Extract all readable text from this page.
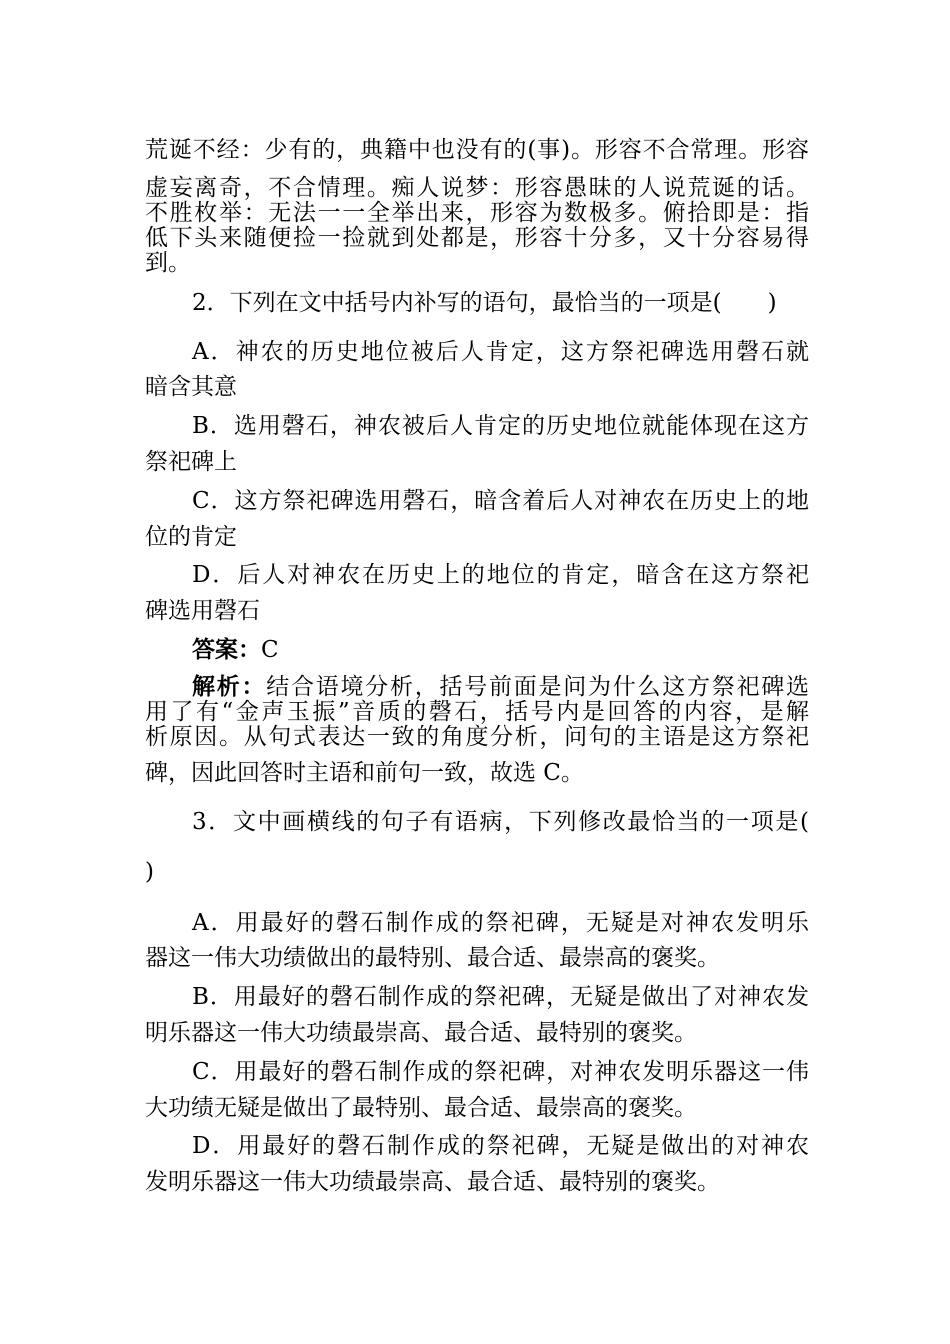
荒诞不经：少有的，典籍中也没有的(事)。形容不合常理。形容
虚妄离奇，不合情理。痴人说梦：形容愚昧的人说荒诞的话。
不胜枚举：无法一一全举出来，形容为数极多。俯拾即是：指
低下头来随便捡一捡就到处都是，形容十分多，又十分容易得
到。
2．下列在文中括号内补写的语句，最恰当的一项是(　　)
A．神农的历史地位被后人肯定，这方祭祀碑选用磬石就
暗含其意
B．选用磬石，神农被后人肯定的历史地位就能体现在这方
祭祀碑上
C．这方祭祀碑选用磬石，暗含着后人对神农在历史上的地
位的肯定
D．后人对神农在历史上的地位的肯定，暗含在这方祭祀
碑选用磬石
答案：C
解析：结合语境分析，括号前面是问为什么这方祭祀碑选
用了有“金声玉振”音质的磬石，括号内是回答的内容，是解
析原因。从句式表达一致的角度分析，问句的主语是这方祭祀
碑，因此回答时主语和前句一致，故选 C。
3．文中画横线的句子有语病，下列修改最恰当的一项是(
)
A．用最好的磬石制作成的祭祀碑，无疑是对神农发明乐
器这一伟大功绩做出的最特别、最合适、最崇高的褒奖。
B．用最好的磬石制作成的祭祀碑，无疑是做出了对神农发
明乐器这一伟大功绩最崇高、最合适、最特别的褒奖。
C．用最好的磬石制作成的祭祀碑，对神农发明乐器这一伟
大功绩无疑是做出了最特别、最合适、最崇高的褒奖。
D．用最好的磬石制作成的祭祀碑，无疑是做出的对神农
发明乐器这一伟大功绩最崇高、最合适、最特别的褒奖。
